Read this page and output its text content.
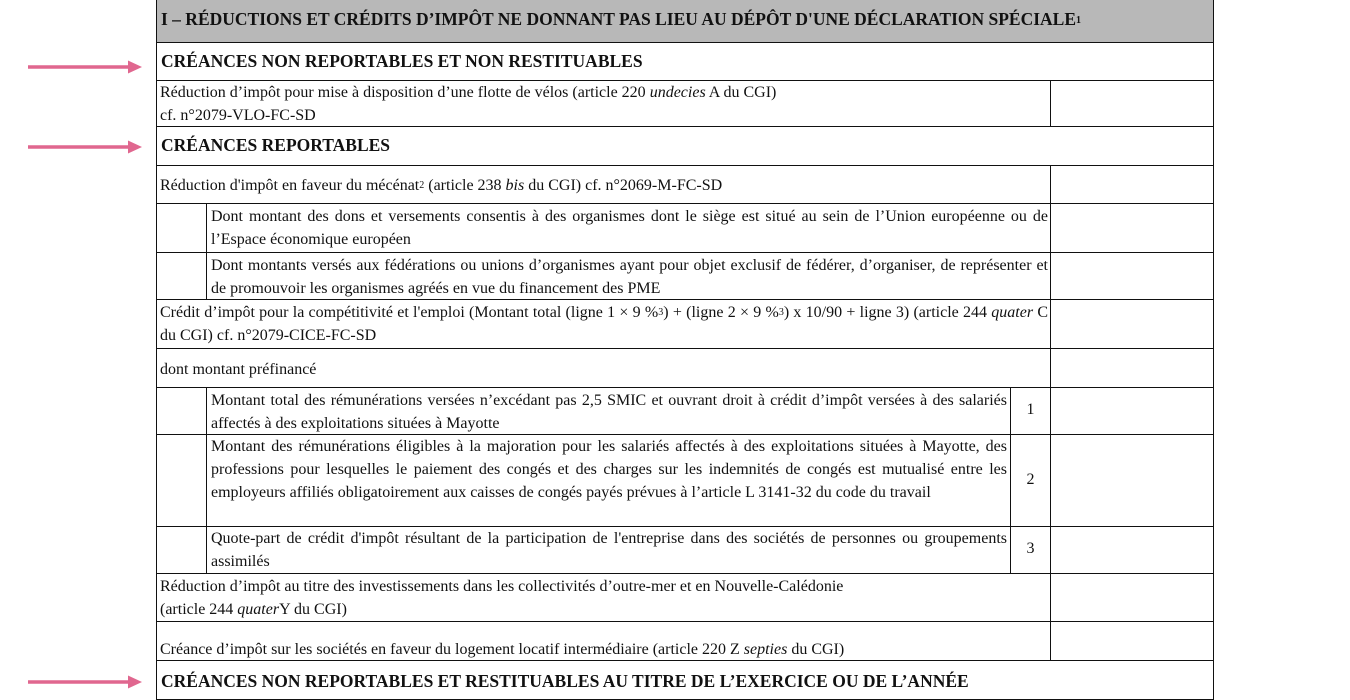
I – RÉDUCTIONS ET CRÉDITS D’IMPÔT NE DONNANT PAS LIEU AU DÉPÔT D'UNE DÉCLARATION SPÉCIALE$^1$
CRÉANCES NON REPORTABLES ET NON RESTITUABLES
Réduction d’impôt pour mise à disposition d’une flotte de vélos (article 220 undecies A du CGI)
cf. n°2079-VLO-FC-SD
CRÉANCES REPORTABLES
Réduction d'impôt en faveur du mécénat$^2$ (article 238 bis du CGI) cf. n°2069-M-FC-SD
Dont montant des dons et versements consentis à des organismes dont le siège est situé au sein de l’Union européenne ou de l’Espace économique européen
Dont montants versés aux fédérations ou unions d’organismes ayant pour objet exclusif de fédérer, d’organiser, de représenter et de promouvoir les organismes agréés en vue du financement des PME
Crédit d’impôt pour la compétitivité et l'emploi (Montant total (ligne 1 × 9 %$^3$) + (ligne 2 × 9 %$^3$) x 10/90 + ligne 3) (article 244 quater C du CGI) cf. n°2079-CICE-FC-SD
dont montant préfinancé
Montant total des rémunérations versées n’excédant pas 2,5 SMIC et ouvrant droit à crédit d’impôt versées à des salariés affectés à des exploitations situées à Mayotte
1
Montant des rémunérations éligibles à la majoration pour les salariés affectés à des exploitations situées à Mayotte, des professions pour lesquelles le paiement des congés et des charges sur les indemnités de congés est mutualisé entre les employeurs affiliés obligatoirement aux caisses de congés payés prévues à l’article L 3141-32 du code du travail
2
Quote-part de crédit d'impôt résultant de la participation de l'entreprise dans des sociétés de personnes ou groupements assimilés
3
Réduction d’impôt au titre des investissements dans les collectivités d’outre-mer et en Nouvelle-Calédonie
(article 244 quaterY du CGI)
Créance d’impôt sur les sociétés en faveur du logement locatif intermédiaire (article 220 Z septies du CGI)
CRÉANCES NON REPORTABLES ET RESTITUABLES AU TITRE DE L’EXERCICE OU DE L’ANNÉE
